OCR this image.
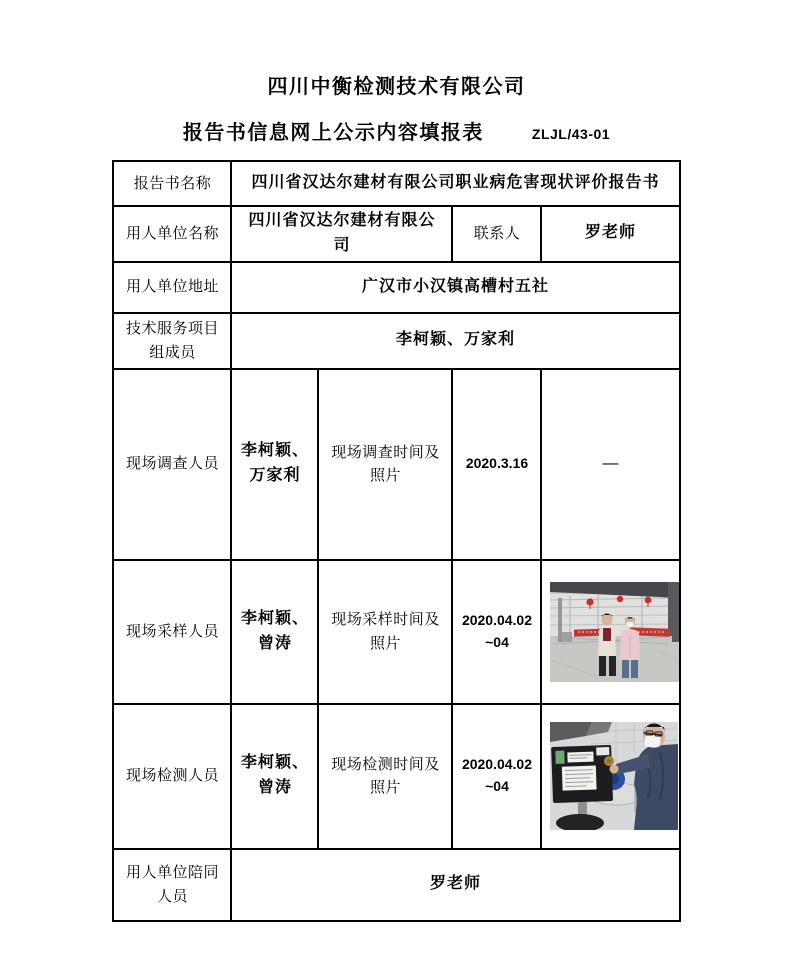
四川中衡检测技术有限公司
报告书信息网上公示内容填报表	ZLJL/43-01
报告书名称	四川省汉达尔建材有限公司职业病危害现状评价报告书			
用人单位名称	四川省汉达尔建材有限公司		联系人	罗老师
用人单位地址	广汉市小汉镇高槽村五社			
技术服务项目组成员	李柯颖、万家利			
现场调查人员	李柯颖、万家利	现场调查时间及照片	2020.3.16	—
现场采样人员	李柯颖、曾涛	现场采样时间及照片	2020.04.02~04	

现场检测人员	李柯颖、曾涛	现场检测时间及照片	2020.04.02~04	

用人单位陪同人员	罗老师			
